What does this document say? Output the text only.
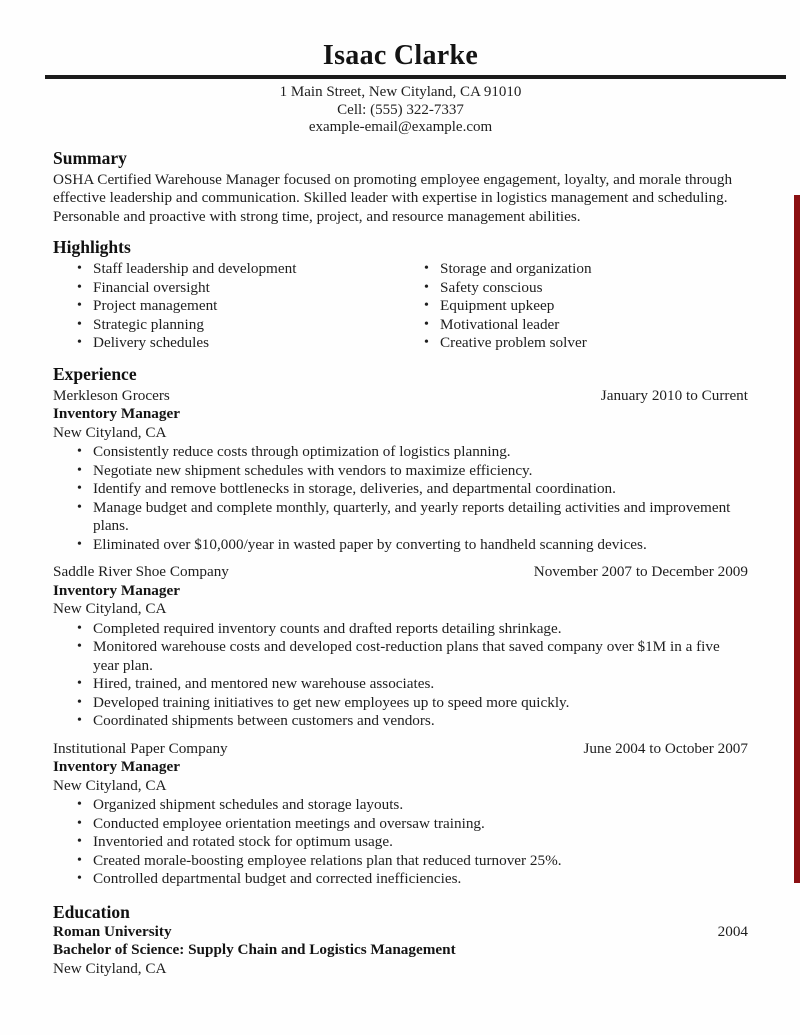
Isaac Clarke
1 Main Street, New Cityland, CA 91010
Cell: (555) 322-7337
example-email@example.com
Summary

OSHA Certified Warehouse Manager focused on promoting employee engagement, loyalty, and morale through effective leadership and communication. Skilled leader with expertise in logistics management and scheduling. Personable and proactive with strong time, project, and resource management abilities.

Highlights
• Staff leadership and development
• Financial oversight
• Project management
• Strategic planning
• Delivery schedules
• Storage and organization
• Safety conscious
• Equipment upkeep
• Motivational leader
• Creative problem solver
Experience
Merkleson Grocers	January 2010 to Current
Inventory Manager
New Cityland, CA
• Consistently reduce costs through optimization of logistics planning.
• Negotiate new shipment schedules with vendors to maximize efficiency.
• Identify and remove bottlenecks in storage, deliveries, and departmental coordination.
• Manage budget and complete monthly, quarterly, and yearly reports detailing activities and improvement plans.
• Eliminated over $10,000/year in wasted paper by converting to handheld scanning devices.
Saddle River Shoe Company	November 2007 to December 2009
Inventory Manager
New Cityland, CA
• Completed required inventory counts and drafted reports detailing shrinkage.
• Monitored warehouse costs and developed cost-reduction plans that saved company over $1M in a five year plan.
• Hired, trained, and mentored new warehouse associates.
• Developed training initiatives to get new employees up to speed more quickly.
• Coordinated shipments between customers and vendors.
Institutional Paper Company	June 2004 to October 2007
Inventory Manager
New Cityland, CA
• Organized shipment schedules and storage layouts.
• Conducted employee orientation meetings and oversaw training.
• Inventoried and rotated stock for optimum usage.
• Created morale-boosting employee relations plan that reduced turnover 25%.
• Controlled departmental budget and corrected inefficiencies.
Education
Roman University	2004
Bachelor of Science: Supply Chain and Logistics Management
New Cityland, CA
